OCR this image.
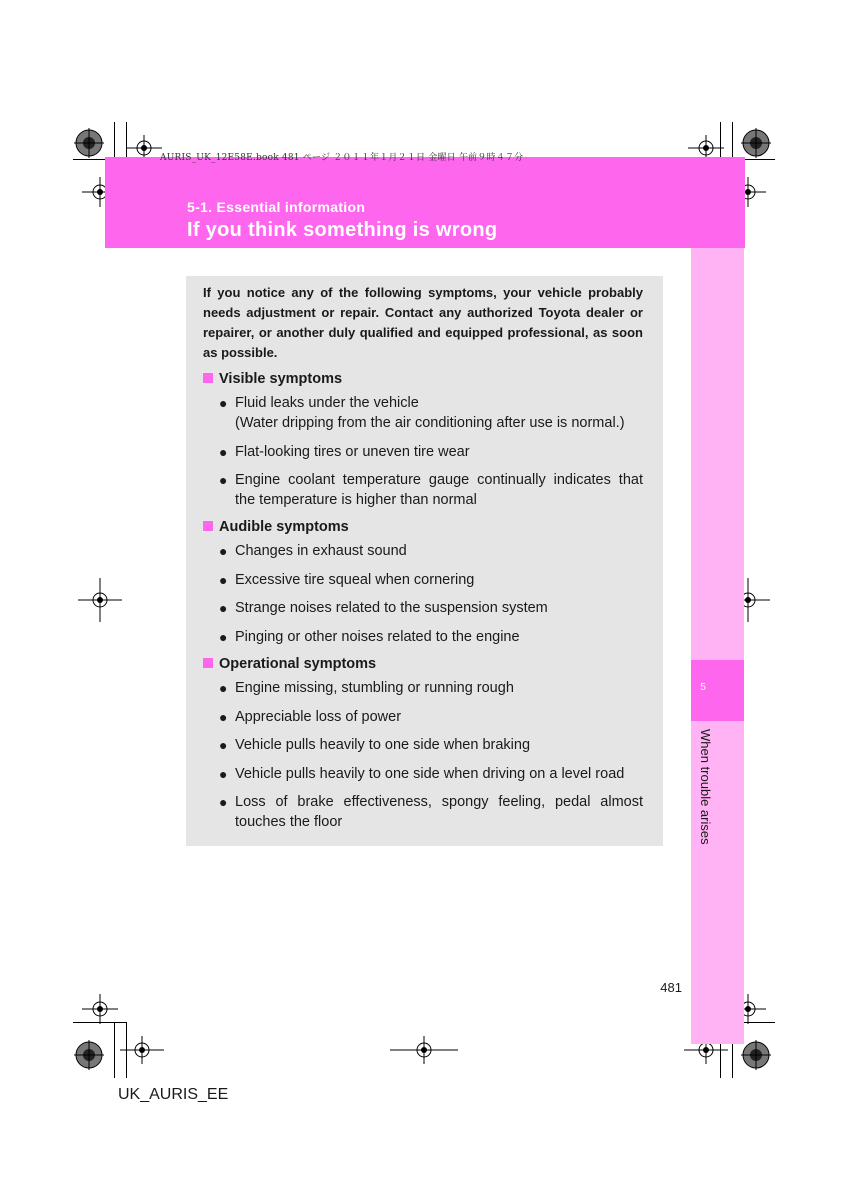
AURIS_UK_12E58E.book 481 ページ ２０１１年１月２１日 金曜日 午前９時４７分
5-1. Essential information
If you think something is wrong
5
When trouble arises
If you notice any of the following symptoms, your vehicle probably needs adjustment or repair. Contact any authorized Toyota dealer or repairer, or another duly qualified and equipped professional, as soon as possible.
Visible symptoms
● Fluid leaks under the vehicle
(Water dripping from the air conditioning after use is normal.)
● Flat-looking tires or uneven tire wear
● Engine coolant temperature gauge continually indicates that the temperature is higher than normal
Audible symptoms
● Changes in exhaust sound
● Excessive tire squeal when cornering
● Strange noises related to the suspension system
● Pinging or other noises related to the engine
Operational symptoms
● Engine missing, stumbling or running rough
● Appreciable loss of power
● Vehicle pulls heavily to one side when braking
● Vehicle pulls heavily to one side when driving on a level road
● Loss of brake effectiveness, spongy feeling, pedal almost touches the floor
481
UK_AURIS_EE
